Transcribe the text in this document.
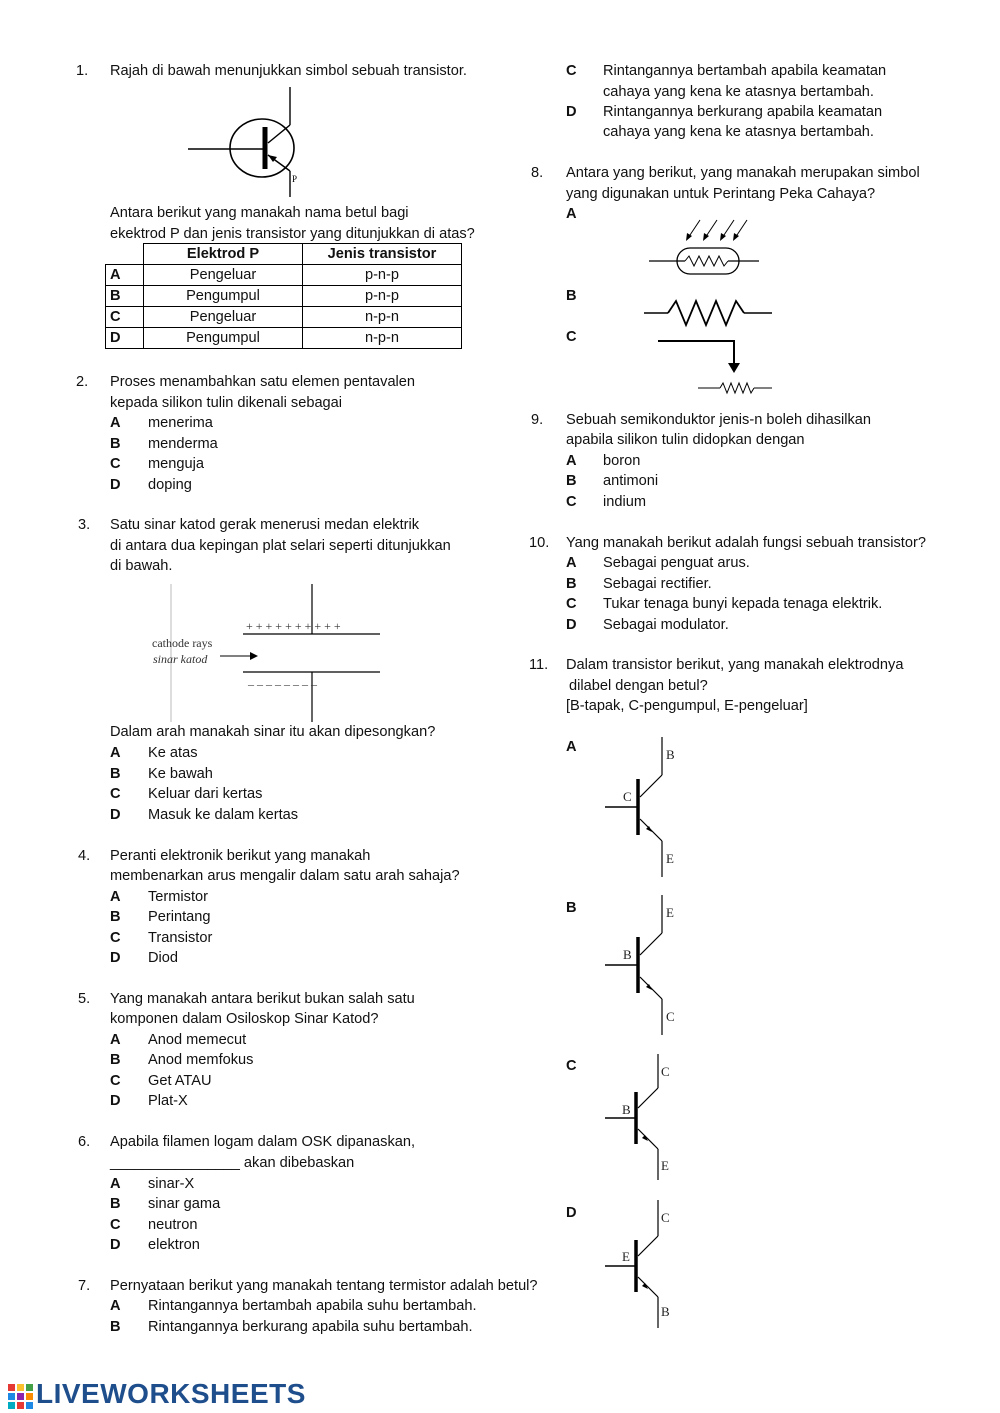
1. Rajah di bawah menunjukkan simbol sebuah transistor.
P
Antara berikut yang manakah nama betul bagi
ekektrod P dan jenis transistor yang ditunjukkan di atas?
	Elektrod P	Jenis transistor
A	Pengeluar	p-n-p
B	Pengumpul	p-n-p
C	Pengeluar	n-p-n
D	Pengumpul	n-p-n
2. Proses menambahkan satu elemen pentavalen
kepada silikon tulin dikenali sebagai
A menerima
B menderma
C menguja
D doping
3. Satu sinar katod gerak menerusi medan elektrik
di antara dua kepingan plat selari seperti ditunjukkan
di bawah.
+ + + + + + + + + +
– – – – – – – –
cathode rays
sinar katod
Dalam arah manakah sinar itu akan dipesongkan?
A Ke atas
B Ke bawah
C Keluar dari kertas
D Masuk ke dalam kertas
4. Peranti elektronik berikut yang manakah
membenarkan arus mengalir dalam satu arah sahaja?
A Termistor
B Perintang
C Transistor
D Diod
5. Yang manakah antara berikut bukan salah satu
komponen dalam Osiloskop Sinar Katod?
A Anod memecut
B Anod memfokus
C Get ATAU
D Plat-X
6. Apabila filamen logam dalam OSK dipanaskan,
________________ akan dibebaskan
A sinar-X
B sinar gama
C neutron
D elektron
7. Pernyataan berikut yang manakah tentang termistor adalah betul?
A Rintangannya bertambah apabila suhu bertambah.
B Rintangannya berkurang apabila suhu bertambah.
C Rintangannya bertambah apabila keamatan
cahaya yang kena ke atasnya bertambah.
D Rintangannya berkurang apabila keamatan
cahaya yang kena ke atasnya bertambah.
8. Antara yang berikut, yang manakah merupakan simbol
yang digunakan untuk Perintang Peka Cahaya?
A
B
C
9. Sebuah semikonduktor jenis-n boleh dihasilkan
apabila silikon tulin didopkan dengan
A boron
B antimoni
C indium
10. Yang manakah berikut adalah fungsi sebuah transistor?
A Sebagai penguat arus.
B Sebagai rectifier.
C Tukar tenaga bunyi kepada tenaga elektrik.
D Sebagai modulator.
11. Dalam transistor berikut, yang manakah elektrodnya
dilabel dengan betul?
[B-tapak, C-pengumpul, E-pengeluar]
A	B
C
E
B	E
B
C
C	C
B
E
D	C
E
B
LIVEWORKSHEETS
